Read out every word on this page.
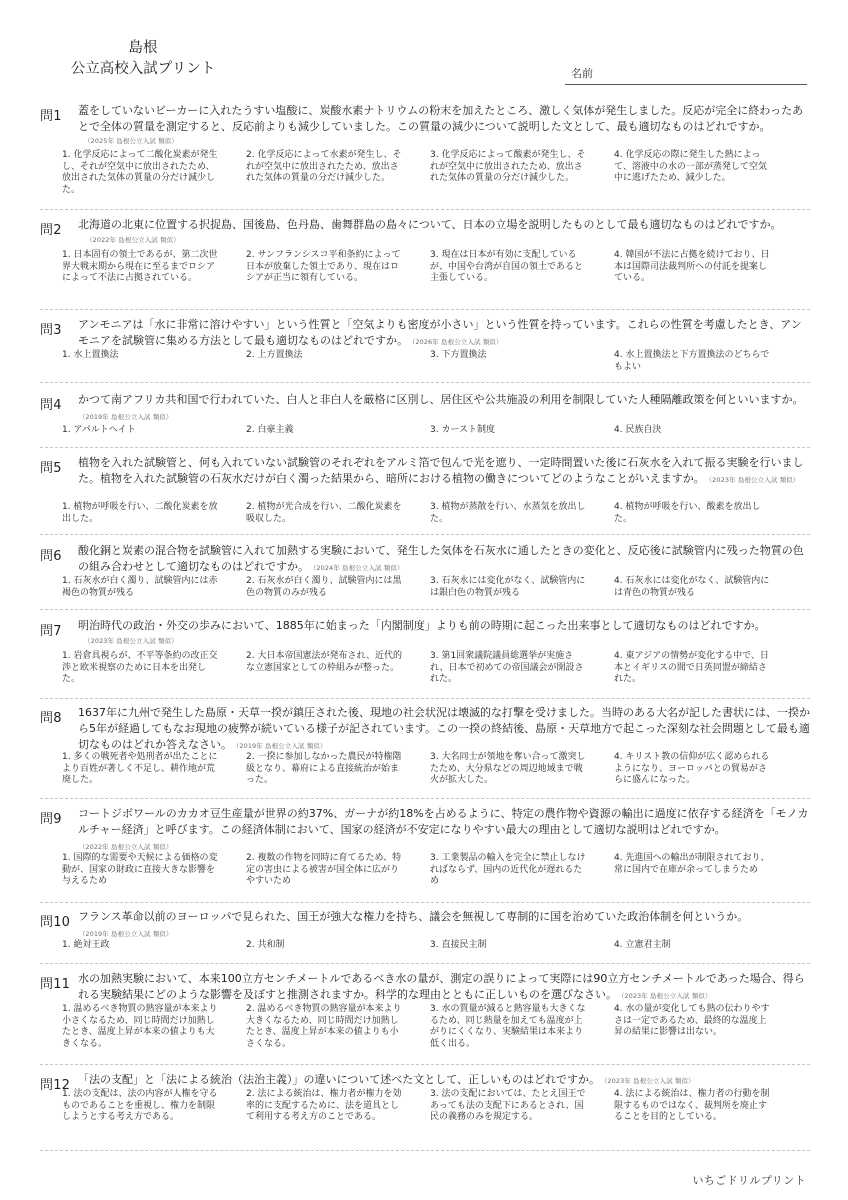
島根
公立高校入試プリント	名前
問1
（2025年 島根公立入試 類似）
蓋をしていないビーカーに入れたうすい塩酸に、炭酸水素ナトリウムの粉末を加えたところ、激しく気体が発生しました。反応が完全に終わったあとで全体の質量を測定すると、反応前よりも減少していました。この質量の減少について説明した文として、最も適切なものはどれですか。
1. 化学反応によって二酸化炭素が発生し、それが空気中に放出されたため、放出された気体の質量の分だけ減少した。
2. 化学反応によって水素が発生し、それが空気中に放出されたため、放出された気体の質量の分だけ減少した。
3. 化学反応によって酸素が発生し、それが空気中に放出されたため、放出された気体の質量の分だけ減少した。
4. 化学反応の際に発生した熱によって、溶液中の水の一部が蒸発して空気中に逃げたため、減少した。
問2
（2022年 島根公立入試 類似）
北海道の北東に位置する択捉島、国後島、色丹島、歯舞群島の島々について、日本の立場を説明したものとして最も適切なものはどれですか。
1. 日本固有の領土であるが、第二次世界大戦末期から現在に至るまでロシアによって不法に占拠されている。
2. サンフランシスコ平和条約によって日本が放棄した領土であり、現在はロシアが正当に領有している。
3. 現在は日本が有効に支配しているが、中国や台湾が自国の領土であると主張している。
4. 韓国が不法に占拠を続けており、日本は国際司法裁判所への付託を提案している。
問3 アンモニアは「水に非常に溶けやすい」という性質と「空気よりも密度が小さい」という性質を持っています。これらの性質を考慮したとき、アンモニアを試験管に集める方法として最も適切なものはどれですか。 （2026年 島根公立入試 類似）
1. 水上置換法	2. 上方置換法	3. 下方置換法	4. 水上置換法と下方置換法のどちらでもよい
問4 かつて南アフリカ共和国で行われていた、白人と非白人を厳格に区別し、居住区や公共施設の利用を制限していた人種隔離政策を何といいますか。（2019年 島根公立入試 類似）
1. アパルトヘイト	2. 白豪主義	3. カースト制度	4. 民族自決
問5 植物を入れた試験管と、何も入れていない試験管のそれぞれをアルミ箔で包んで光を遮り、一定時間置いた後に石灰水を入れて振る実験を行いました。植物を入れた試験管の石灰水だけが白く濁った結果から、暗所における植物の働きについてどのようなことがいえますか。 （2023年 島根公立入試 類似）
1. 植物が呼吸を行い、二酸化炭素を放出した。
2. 植物が光合成を行い、二酸化炭素を吸収した。
3. 植物が蒸散を行い、水蒸気を放出した。
4. 植物が呼吸を行い、酸素を放出した。
問6 酸化銅と炭素の混合物を試験管に入れて加熱する実験において、発生した気体を石灰水に通したときの変化と、反応後に試験管内に残った物質の色の組み合わせとして適切なものはどれですか。 （2024年 島根公立入試 類似）
1. 石灰水が白く濁り、試験管内には赤褐色の物質が残る
2. 石灰水が白く濁り、試験管内には黒色の物質のみが残る
3. 石灰水には変化がなく、試験管内には銀白色の物質が残る
4. 石灰水には変化がなく、試験管内には青色の物質が残る
問7
（2023年 島根公立入試 類似）
明治時代の政治・外交の歩みにおいて、1885年に始まった「内閣制度」よりも前の時期に起こった出来事として適切なものはどれですか。
1. 岩倉具視らが、不平等条約の改正交渉と欧米視察のために日本を出発した。
2. 大日本帝国憲法が発布され、近代的な立憲国家としての枠組みが整った。
3. 第1回衆議院議員総選挙が実施され、日本で初めての帝国議会が開設された。
4. 東アジアの情勢が変化する中で、日本とイギリスの間で日英同盟が締結された。
問8 1637年に九州で発生した島原・天草一揆が鎮圧された後、現地の社会状況は壊滅的な打撃を受けました。当時のある大名が記した書状には、一揆から5年が経過してもなお現地の疲弊が続いている様子が記されています。この一揆の終結後、島原・天草地方で起こった深刻な社会問題として最も適切なものはどれか答えなさい。 （2019年 島根公立入試 類似）
1. 多くの戦死者や処刑者が出たことにより百姓が著しく不足し、耕作地が荒廃した。
2. 一揆に参加しなかった農民が特権階級となり、幕府による直接統治が始まった。
3. 大名同士が領地を奪い合って激突したため、大分県などの周辺地域まで戦火が拡大した。
4. キリスト教の信仰が広く認められるようになり、ヨーロッパとの貿易がさらに盛んになった。
問9 コートジボワールのカカオ豆生産量が世界の約37%、ガーナが約18%を占めるように、特定の農作物や資源の輸出に過度に依存する経済を「モノカルチャー経済」と呼びます。この経済体制において、国家の経済が不安定になりやすい最大の理由として適切な説明はどれですか。（2022年 島根公立入試 類似）
1. 国際的な需要や天候による価格の変動が、国家の財政に直接大きな影響を与えるため
2. 複数の作物を同時に育てるため、特定の害虫による被害が国全体に広がりやすいため
3. 工業製品の輸入を完全に禁止しなければならず、国内の近代化が遅れるため
4. 先進国への輸出が制限されており、常に国内で在庫が余ってしまうため
問10 フランス革命以前のヨーロッパで見られた、国王が強大な権力を持ち、議会を無視して専制的に国を治めていた政治体制を何というか。（2019年 島根公立入試 類似）
1. 絶対王政	2. 共和制	3. 直接民主制	4. 立憲君主制
問11 水の加熱実験において、本来100立方センチメートルであるべき水の量が、測定の誤りによって実際には90立方センチメートルであった場合、得られる実験結果にどのような影響を及ぼすと推測されますか。科学的な理由とともに正しいものを選びなさい。 （2023年 島根公立入試 類似）
1. 温めるべき物質の熱容量が本来より小さくなるため、同じ時間だけ加熱したとき、温度上昇が本来の値よりも大きくなる。
2. 温めるべき物質の熱容量が本来より大きくなるため、同じ時間だけ加熱したとき、温度上昇が本来の値よりも小さくなる。
3. 水の質量が減ると熱容量も大きくなるため、同じ熱量を加えても温度が上がりにくくなり、実験結果は本来より低く出る。
4. 水の量が変化しても熱の伝わりやすさは一定であるため、最終的な温度上昇の結果に影響は出ない。
問12 「法の支配」と「法による統治（法治主義）」の違いについて述べた文として、正しいものはどれですか。 （2023年 島根公立入試 類似）
1. 法の支配は、法の内容が人権を守るものであることを重視し、権力を制限しようとする考え方である。
2. 法による統治は、権力者が権力を効率的に支配するために、法を道具として利用する考え方のことである。
3. 法の支配においては、たとえ国王であっても法の支配下にあるとされ、国民の義務のみを規定する。
4. 法による統治は、権力者の行動を制限するものではなく、裁判所を廃止することを目的としている。
いちごドリルプリント
